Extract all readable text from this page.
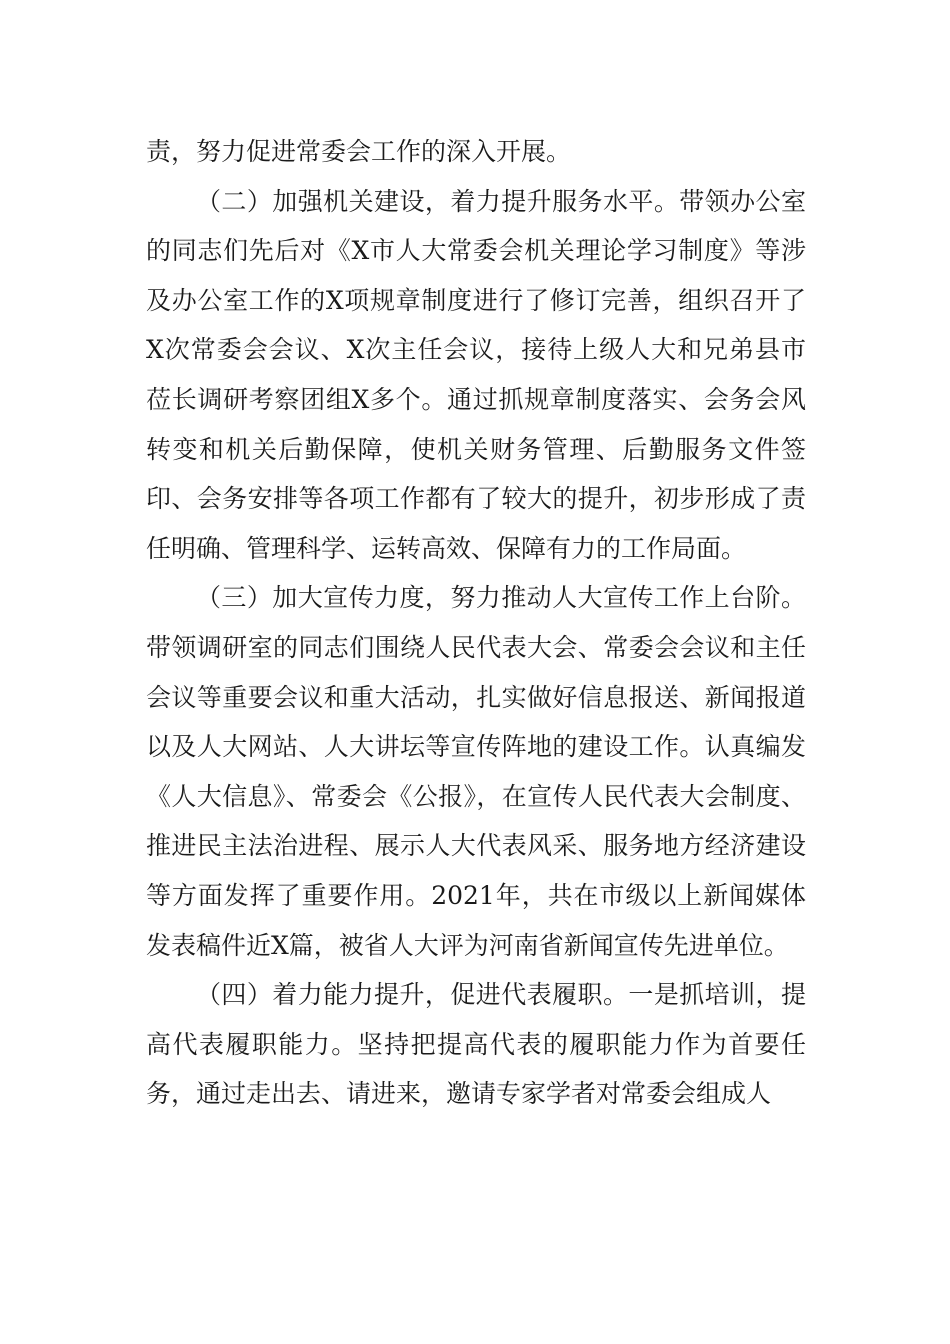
责，努力促进常委会工作的深入开展。

（二）加强机关建设，着力提升服务水平。带领办公室的同志们先后对《X市人大常委会机关理论学习制度》等涉及办公室工作的X项规章制度进行了修订完善，组织召开了X次常委会会议、X次主任会议，接待上级人大和兄弟县市莅长调研考察团组X多个。通过抓规章制度落实、会务会风转变和机关后勤保障，使机关财务管理、后勤服务文件签印、会务安排等各项工作都有了较大的提升，初步形成了责任明确、管理科学、运转高效、保障有力的工作局面。

（三）加大宣传力度，努力推动人大宣传工作上台阶。带领调研室的同志们围绕人民代表大会、常委会会议和主任会议等重要会议和重大活动，扎实做好信息报送、新闻报道以及人大网站、人大讲坛等宣传阵地的建设工作。认真编发《人大信息》、常委会《公报》，在宣传人民代表大会制度、推进民主法治进程、展示人大代表风采、服务地方经济建设等方面发挥了重要作用。2021年，共在市级以上新闻媒体发表稿件近X篇，被省人大评为河南省新闻宣传先进单位。

（四）着力能力提升，促进代表履职。一是抓培训，提高代表履职能力。坚持把提高代表的履职能力作为首要任务，通过走出去、请进来，邀请专家学者对常委会组成人
